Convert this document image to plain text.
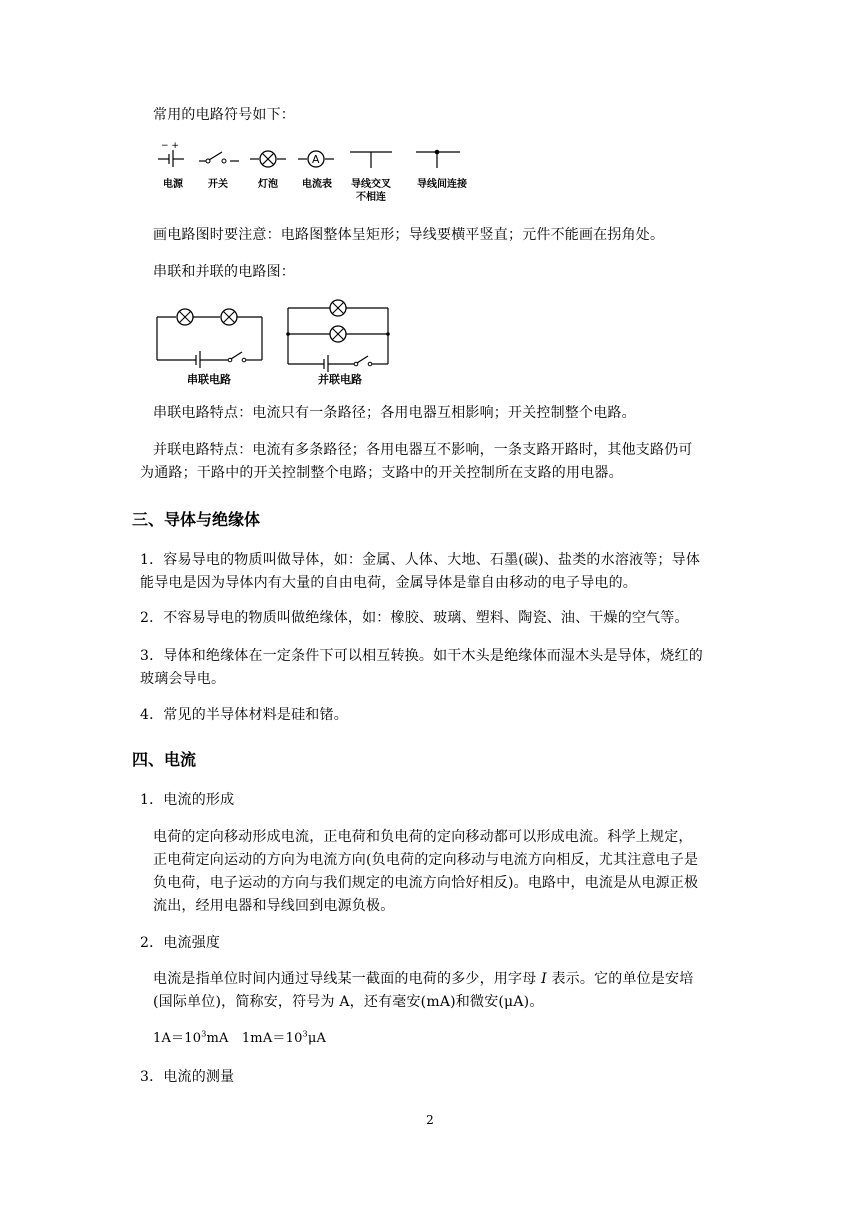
常用的电路符号如下：
− +
A
电源	开关	灯泡	电流表	导线交叉
不相连
导线间连接
画电路图时要注意：电路图整体呈矩形；导线要横平竖直；元件不能画在拐角处。
串联和并联的电路图：
串联电路	并联电路
串联电路特点：电流只有一条路径；各用电器互相影响；开关控制整个电路。
并联电路特点：电流有多条路径；各用电器互不影响，一条支路开路时，其他支路仍可
为通路；干路中的开关控制整个电路；支路中的开关控制所在支路的用电器。
三、导体与绝缘体
1．容易导电的物质叫做导体，如：金属、人体、大地、石墨(碳)、盐类的水溶液等；导体
能导电是因为导体内有大量的自由电荷，金属导体是靠自由移动的电子导电的。
2．不容易导电的物质叫做绝缘体，如：橡胶、玻璃、塑料、陶瓷、油、干燥的空气等。
3．导体和绝缘体在一定条件下可以相互转换。如干木头是绝缘体而湿木头是导体，烧红的
玻璃会导电。
4．常见的半导体材料是硅和锗。
四、电流
1．电流的形成
电荷的定向移动形成电流，正电荷和负电荷的定向移动都可以形成电流。科学上规定，
正电荷定向运动的方向为电流方向(负电荷的定向移动与电流方向相反，尤其注意电子是
负电荷，电子运动的方向与我们规定的电流方向恰好相反)。电路中，电流是从电源正极
流出，经用电器和导线回到电源负极。
2．电流强度
电流是指单位时间内通过导线某一截面的电荷的多少，用字母 I 表示。它的单位是安培
(国际单位)，简称安，符号为 A，还有毫安(mA)和微安(μA)。
$1A=10^3mA$　$1mA=10^3\mu A$
3．电流的测量
2
